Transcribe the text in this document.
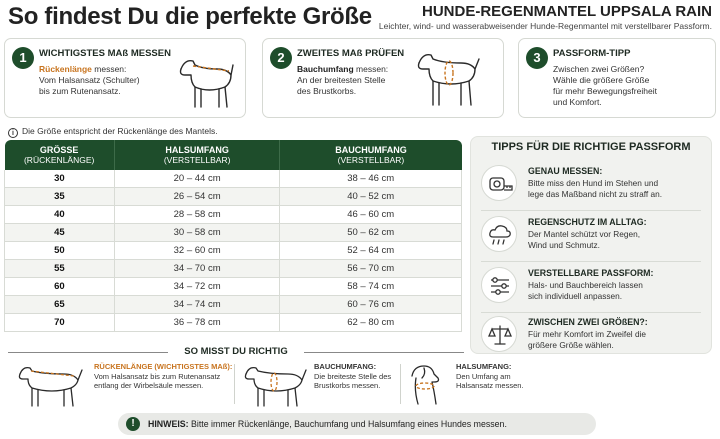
So findest Du die perfekte Größe	HUNDE-REGENMANTEL UPPSALA RAIN
Leichter, wind- und wasserabweisender Hunde-Regenmantel mit verstellbarer Passform.
1	WICHTIGSTES MAß MESSEN
Rückenlänge messen:
Vom Halsansatz (Schulter)
bis zum Rutenansatz.
2	ZWEITES MAß PRÜFEN
Bauchumfang messen:
An der breitesten Stelle
des Brustkorbs.
3	PASSFORM-TIPP
Zwischen zwei Größen?
Wähle die größere Größe
für mehr Bewegungsfreiheit
und Komfort.
i Die Größe entspricht der Rückenlänge des Mantels.
GRÖSSE
(RÜCKENLÄNGE)	HALSUMFANG
(VERSTELLBAR)	BAUCHUMFANG
(VERSTELLBAR)

30	20 – 44 cm	38 – 46 cm
35	26 – 54 cm	40 – 52 cm
40	28 – 58 cm	46 – 60 cm
45	30 – 58 cm	50 – 62 cm
50	32 – 60 cm	52 – 64 cm
55	34 – 70 cm	56 – 70 cm
60	34 – 72 cm	58 – 74 cm
65	34 – 74 cm	60 – 76 cm
70	36 – 78 cm	62 – 80 cm
TIPPS FÜR DIE RICHTIGE PASSFORM
GENAU MESSEN:
Bitte miss den Hund im Stehen und
lege das Maßband nicht zu straff an.
REGENSCHUTZ IM ALLTAG:
Der Mantel schützt vor Regen,
Wind und Schmutz.
VERSTELLBARE PASSFORM:
Hals- und Bauchbereich lassen
sich individuell anpassen.
ZWISCHEN ZWEI GRÖßEN?:
Für mehr Komfort im Zweifel die
größere Größe wählen.
SO MISST DU RICHTIG
RÜCKENLÄNGE (WICHTIGSTES MAß):
Vom Halsansatz bis zum Rutenansatz
entlang der Wirbelsäule messen.
BAUCHUMFANG:
Die breiteste Stelle des
Brustkorbs messen.
HALSUMFANG:
Den Umfang am
Halsansatz messen.
!	HINWEIS: Bitte immer Rückenlänge, Bauchumfang und Halsumfang eines Hundes messen.
